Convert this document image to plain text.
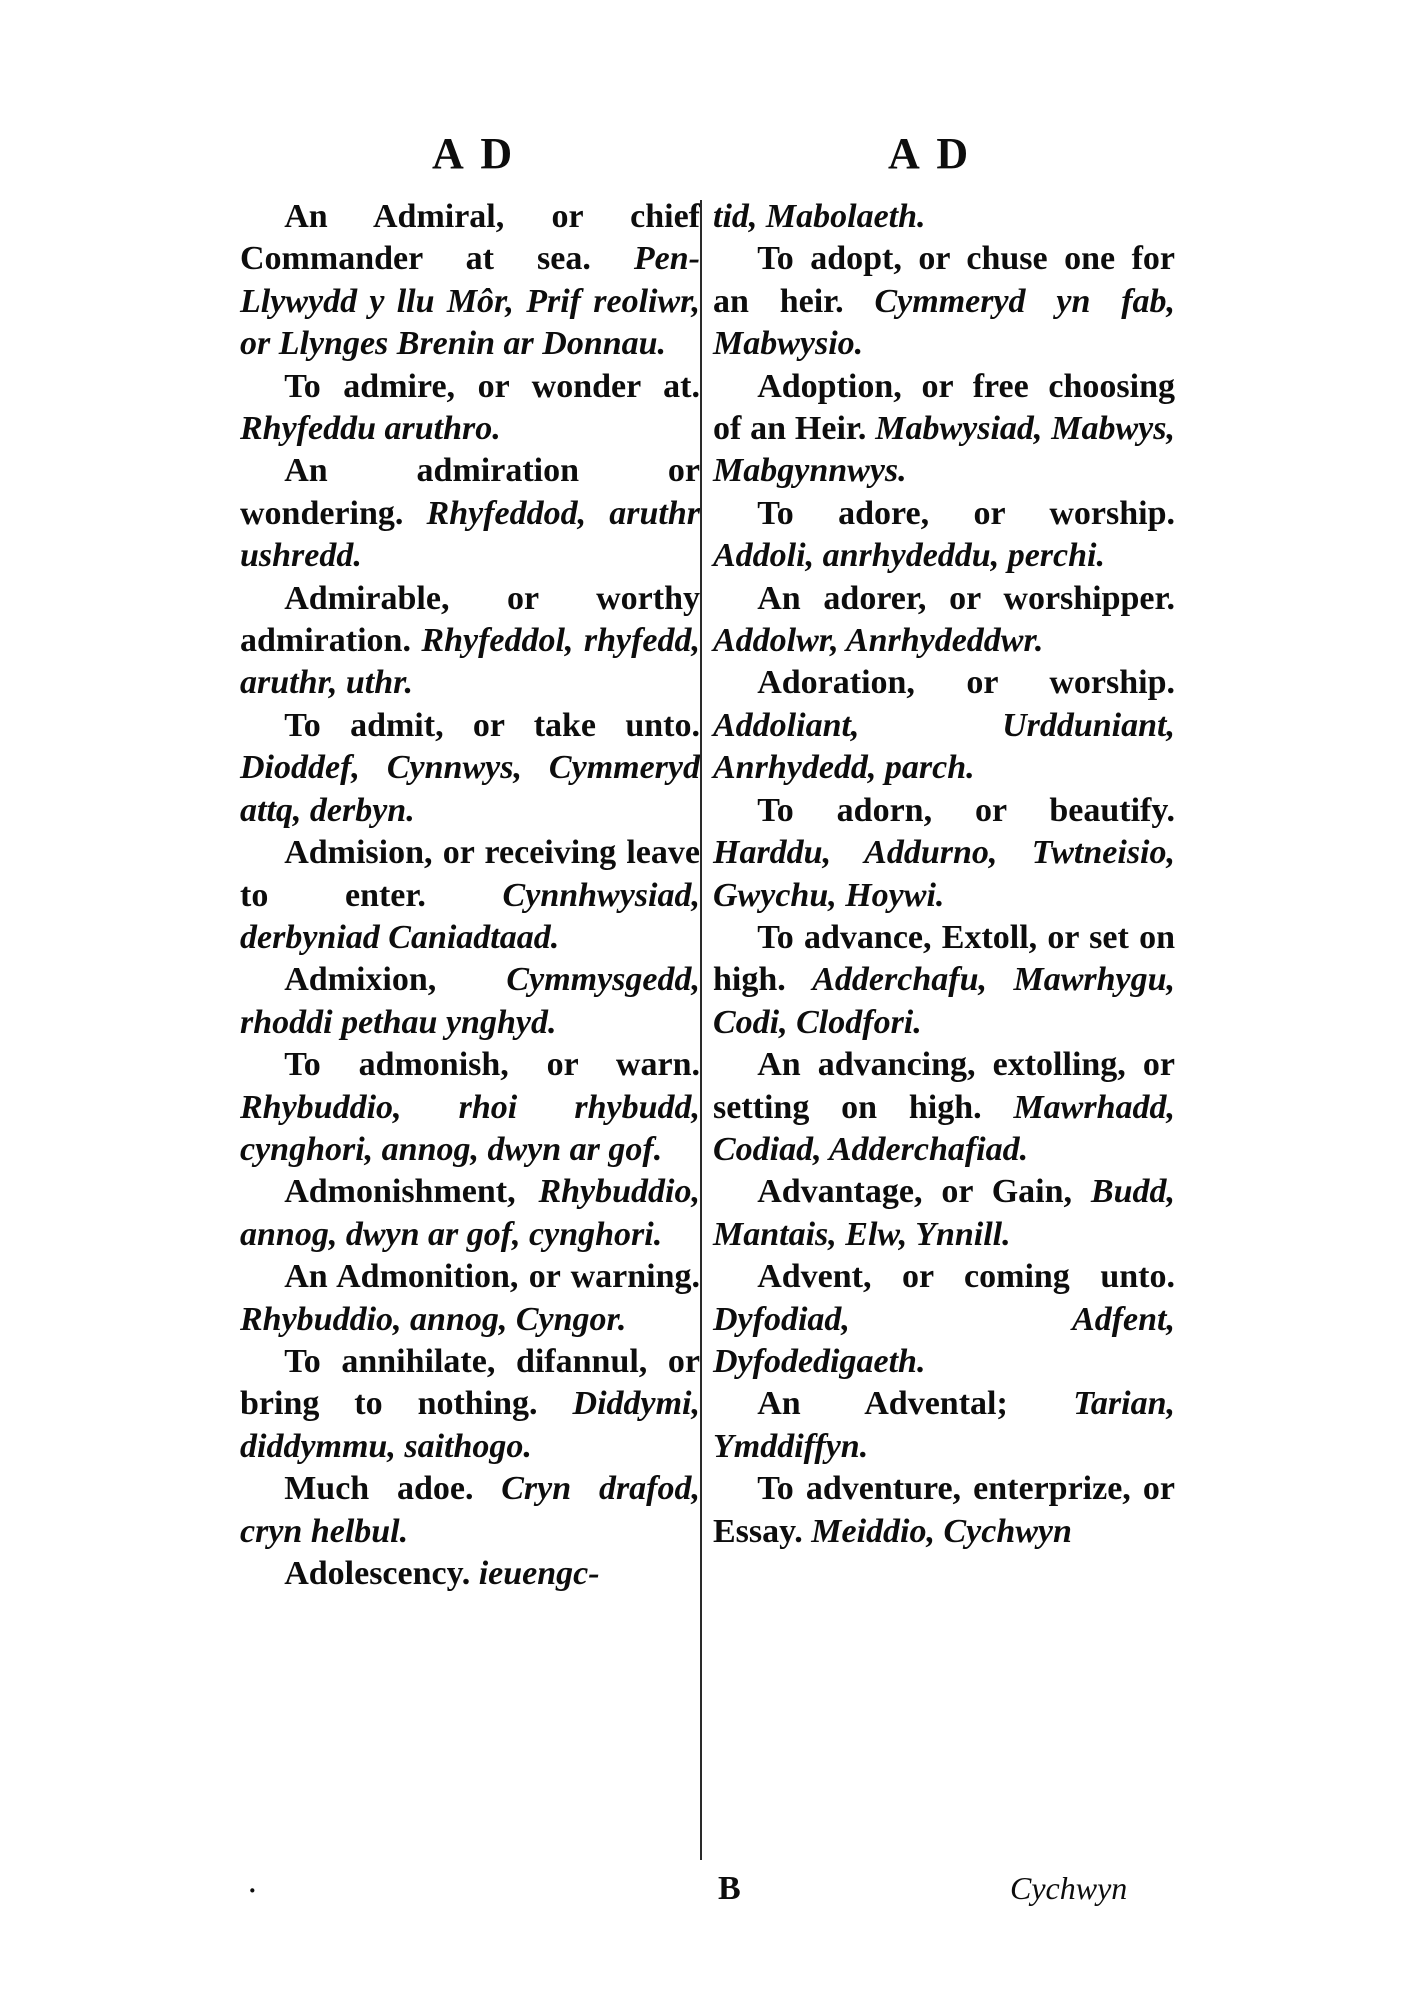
A D	A D

An Admiral, or chief Commander at sea. Pen-Llywydd y llu Môr, Prif reoliwr, or Llynges Brenin ar Donnau.

To admire, or wonder at. Rhyfeddu aruthro.

An admiration or wondering. Rhyfeddod, aruthr ushredd.

Admirable, or worthy admiration. Rhyfeddol, rhyfedd, aruthr, uthr.

To admit, or take unto. Dioddef, Cynnwys, Cymmeryd attq, derbyn.

Admision, or receiving leave to enter. Cynnhwysiad, derbyniad Caniadtaad.

Admixion, Cymmysgedd, rhoddi pethau ynghyd.

To admonish, or warn. Rhybuddio, rhoi rhybudd, cynghori, annog, dwyn ar gof.

Admonishment, Rhybuddio, annog, dwyn ar gof, cynghori.

An Admonition, or warning. Rhybuddio, annog, Cyngor.

To annihilate, difannul, or bring to nothing. Diddymi, diddymmu, saithogo.

Much adoe. Cryn drafod, cryn helbul.

Adolescency. ieuengc-

tid, Mabolaeth.

To adopt, or chuse one for an heir. Cymmeryd yn fab, Mabwysio.

Adoption, or free choosing of an Heir. Mabwysiad, Mabwys, Mabgynnwys.

To adore, or worship. Addoli, anrhydeddu, perchi.

An adorer, or worshipper. Addolwr, Anrhydeddwr.

Adoration, or worship. Addoliant, Urdduniant, Anrhydedd, parch.

To adorn, or beautify. Harddu, Addurno, Twtneisio, Gwychu, Hoywi.

To advance, Extoll, or set on high. Adderchafu, Mawrhygu, Codi, Clodfori.

An advancing, extolling, or setting on high. Mawrhadd, Codiad, Adderchafiad.

Advantage, or Gain, Budd, Mantais, Elw, Ynnill.

Advent, or coming unto. Dyfodiad, Adfent, Dyfodedigaeth.

An Advental; Tarian, Ymddiffyn.

To adventure, enterprize, or Essay. Meiddio, Cychwyn

·	B	Cychwyn
